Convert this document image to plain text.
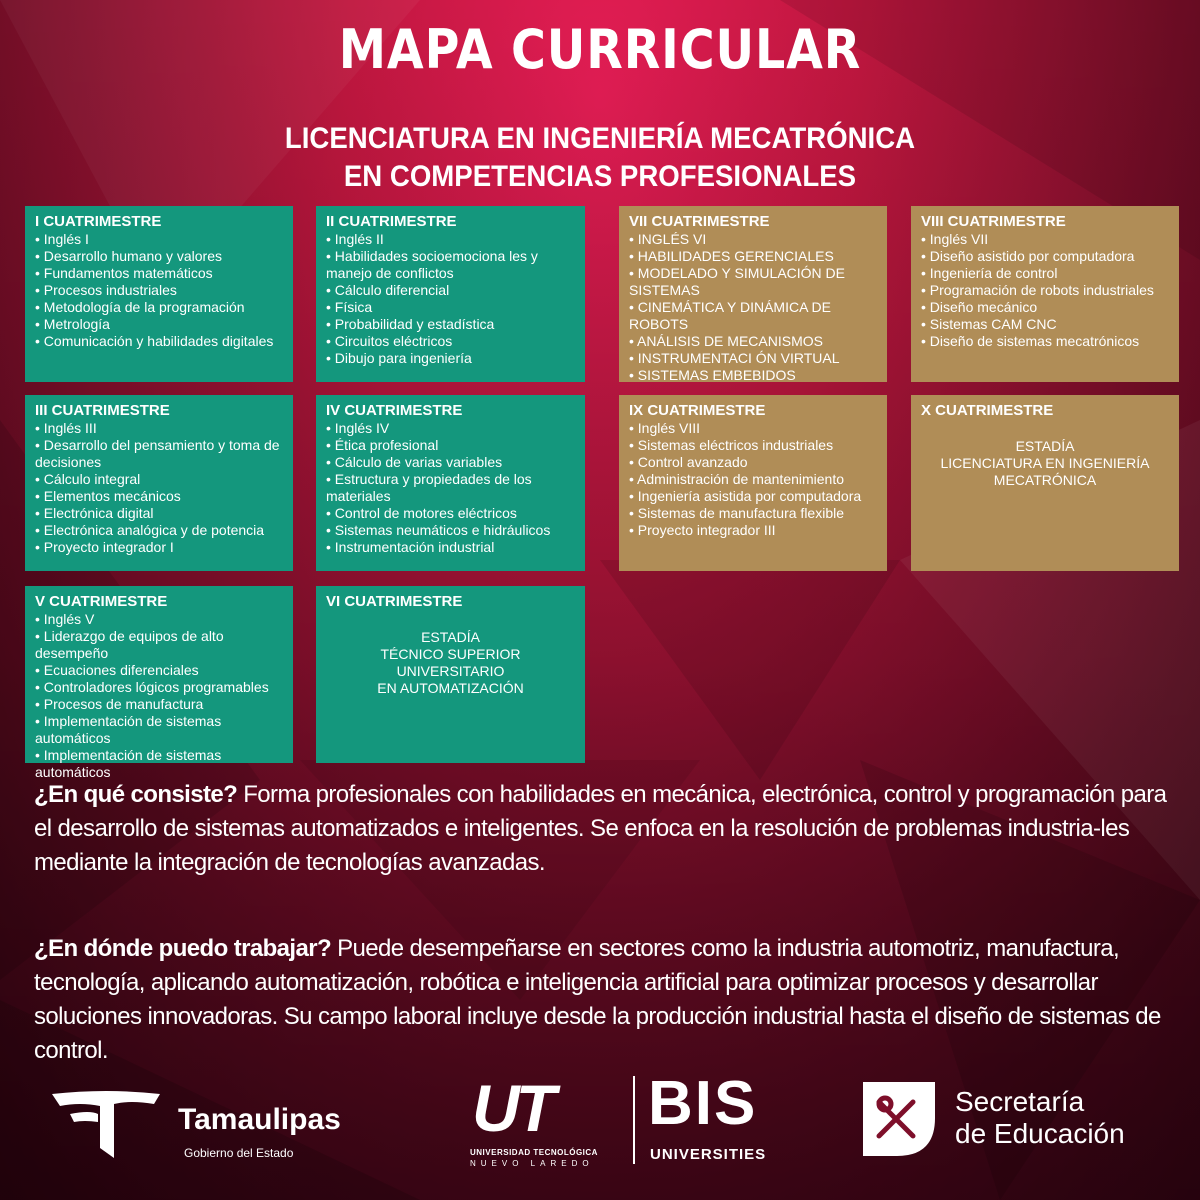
MAPA CURRICULAR
LICENCIATURA EN INGENIERÍA MECATRÓNICA
EN COMPETENCIAS PROFESIONALES
I CUATRIMESTRE
• Inglés I
• Desarrollo humano y valores
• Fundamentos matemáticos
• Procesos industriales
• Metodología de la programación
• Metrología
• Comunicación y habilidades digitales
II CUATRIMESTRE
• Inglés II
• Habilidades socioemociona les y manejo de conflictos
• Cálculo diferencial
• Física
• Probabilidad y estadística
• Circuitos eléctricos
• Dibujo para ingeniería
VII CUATRIMESTRE
• INGLÉS VI
• HABILIDADES GERENCIALES
• MODELADO Y SIMULACIÓN DE SISTEMAS
• CINEMÁTICA Y DINÁMICA DE ROBOTS
• ANÁLISIS DE MECANISMOS
• INSTRUMENTACI ÓN VIRTUAL
• SISTEMAS EMBEBIDOS
VIII CUATRIMESTRE
• Inglés VII
• Diseño asistido por computadora
• Ingeniería de control
• Programación de robots industriales
• Diseño mecánico
• Sistemas CAM CNC
• Diseño de sistemas mecatrónicos
III CUATRIMESTRE
• Inglés III
• Desarrollo del pensamiento y toma de decisiones
• Cálculo integral
• Elementos mecánicos
• Electrónica digital
• Electrónica analógica y de potencia
• Proyecto integrador I
IV CUATRIMESTRE
• Inglés IV
• Ética profesional
• Cálculo de varias variables
• Estructura y propiedades de los materiales
• Control de motores eléctricos
• Sistemas neumáticos e hidráulicos
• Instrumentación industrial
IX CUATRIMESTRE
• Inglés VIII
• Sistemas eléctricos industriales
• Control avanzado
• Administración de mantenimiento
• Ingeniería asistida por computadora
• Sistemas de manufactura flexible
• Proyecto integrador III
X CUATRIMESTRE
ESTADÍA
LICENCIATURA EN INGENIERÍA
MECATRÓNICA
V CUATRIMESTRE
• Inglés V
• Liderazgo de equipos de alto desempeño
• Ecuaciones diferenciales
• Controladores lógicos programables
• Procesos de manufactura
• Implementación de sistemas automáticos
• Implementación de sistemas automáticos
VI CUATRIMESTRE
ESTADÍA
TÉCNICO SUPERIOR UNIVERSITARIO
EN AUTOMATIZACIÓN
¿En qué consiste? Forma profesionales con habilidades en mecánica, electrónica, control y programación para el desarrollo de sistemas automatizados e inteligentes. Se enfoca en la resolución de problemas industria-les mediante la integración de tecnologías avanzadas.
¿En dónde puedo trabajar? Puede desempeñarse en sectores como la industria automotriz, manufactura, tecnología, aplicando automatización, robótica e inteligencia artificial para optimizar procesos y desarrollar soluciones innovadoras. Su campo laboral incluye desde la producción industrial hasta el diseño de sistemas de control.
Tamaulipas
Gobierno del Estado
UT
UNIVERSIDAD TECNOLÓGICA
NUEVO LAREDO
BIS
UNIVERSITIES
Secretaría
de Educación
